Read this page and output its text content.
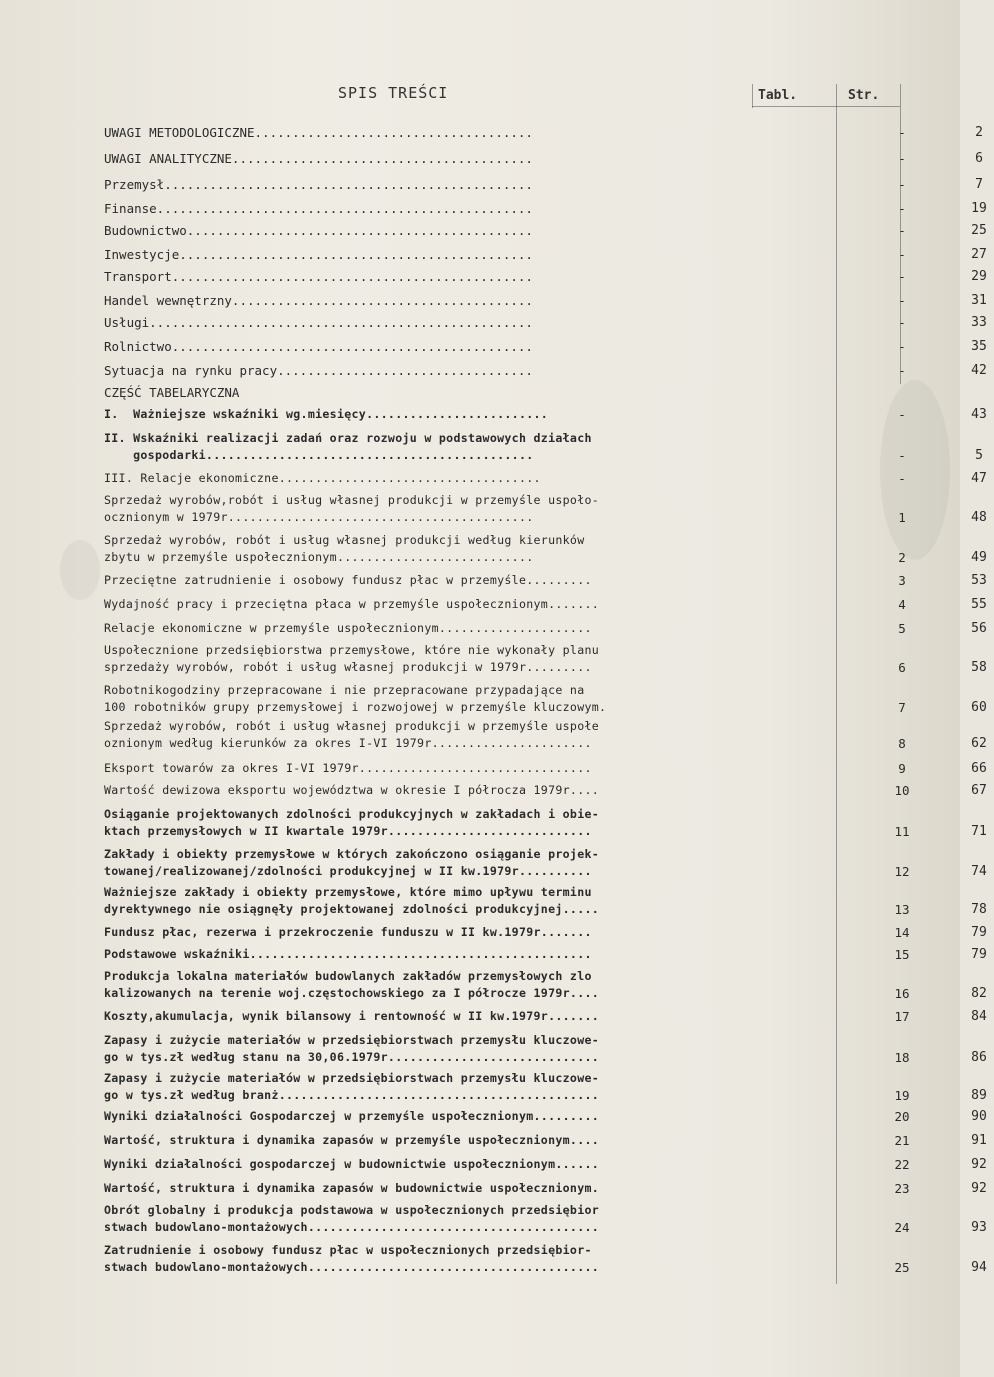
SPIS TREŚCI	Tabl.	Str.
UWAGI METODOLOGICZNE.....................................	-	2
UWAGI ANALITYCZNE........................................	-	6
Przemysł.................................................	-	7
Finanse..................................................	-	19
Budownictwo..............................................	-	25
Inwestycje...............................................	-	27
Transport................................................	-	29
Handel wewnętrzny........................................	-	31
Usługi...................................................	-	33
Rolnictwo................................................	-	35
Sytuacja na rynku pracy..................................	-	42
CZĘŚĆ TABELARYCZNA
I.  Ważniejsze wskaźniki wg.miesięcy.........................	-	43
II. Wskaźniki realizacji zadań oraz rozwoju w podstawowych działach
gospodarki.............................................	-	5
III. Relacje ekonomiczne....................................	-	47
Sprzedaż wyrobów,robót i usług własnej produkcji w przemyśle uspoło-
ocznionym w 1979r..........................................	1	48
Sprzedaż wyrobów, robót i usług własnej produkcji według kierunków
zbytu w przemyśle uspołecznionym...........................	2	49
Przeciętne zatrudnienie i osobowy fundusz płac w przemyśle.........	3	53
Wydajność pracy i przeciętna płaca w przemyśle uspołecznionym.......	4	55
Relacje ekonomiczne w przemyśle uspołecznionym.....................	5	56
Uspołecznione przedsiębiorstwa przemysłowe, które nie wykonały planu
sprzedaży wyrobów, robót i usług własnej produkcji w 1979r.........	6	58
Robotnikogodziny przepracowane i nie przepracowane przypadające na
100 robotników grupy przemysłowej i rozwojowej w przemyśle kluczowym.	7	60
Sprzedaż wyrobów, robót i usług własnej produkcji w przemyśle uspołe
oznionym według kierunków za okres I-VI 1979r......................	8	62
Eksport towarów za okres I-VI 1979r................................	9	66
Wartość dewizowa eksportu województwa w okresie I półrocza 1979r....	10	67
Osiąganie projektowanych zdolności produkcyjnych w zakładach i obie-
ktach przemysłowych w II kwartale 1979r............................	11	71
Zakłady i obiekty przemysłowe w których zakończono osiąganie projek-
towanej/realizowanej/zdolności produkcyjnej w II kw.1979r..........	12	74
Ważniejsze zakłady i obiekty przemysłowe, które mimo upływu terminu
dyrektywnego nie osiągnęły projektowanej zdolności produkcyjnej.....	13	78
Fundusz płac, rezerwa i przekroczenie funduszu w II kw.1979r.......	14	79
Podstawowe wskaźniki...............................................	15	79
Produkcja lokalna materiałów budowlanych zakładów przemysłowych zlo
kalizowanych na terenie woj.częstochowskiego za I półrocze 1979r....	16	82
Koszty,akumulacja, wynik bilansowy i rentowność w II kw.1979r.......	17	84
Zapasy i zużycie materiałów w przedsiębiorstwach przemysłu kluczowe-
go w tys.zł według stanu na 30,06.1979r.............................	18	86
Zapasy i zużycie materiałów w przedsiębiorstwach przemysłu kluczowe-
go w tys.zł według branż............................................	19	89
Wyniki działalności Gospodarczej w przemyśle uspołecznionym.........	20	90
Wartość, struktura i dynamika zapasów w przemyśle uspołecznionym....	21	91
Wyniki działalności gospodarczej w budownictwie uspołecznionym......	22	92
Wartość, struktura i dynamika zapasów w budownictwie uspołecznionym.	23	92
Obrót globalny i produkcja podstawowa w uspołecznionych przedsiębior
stwach budowlano-montażowych........................................	24	93
Zatrudnienie i osobowy fundusz płac w uspołecznionych przedsiębior-
stwach budowlano-montażowych........................................	25	94
